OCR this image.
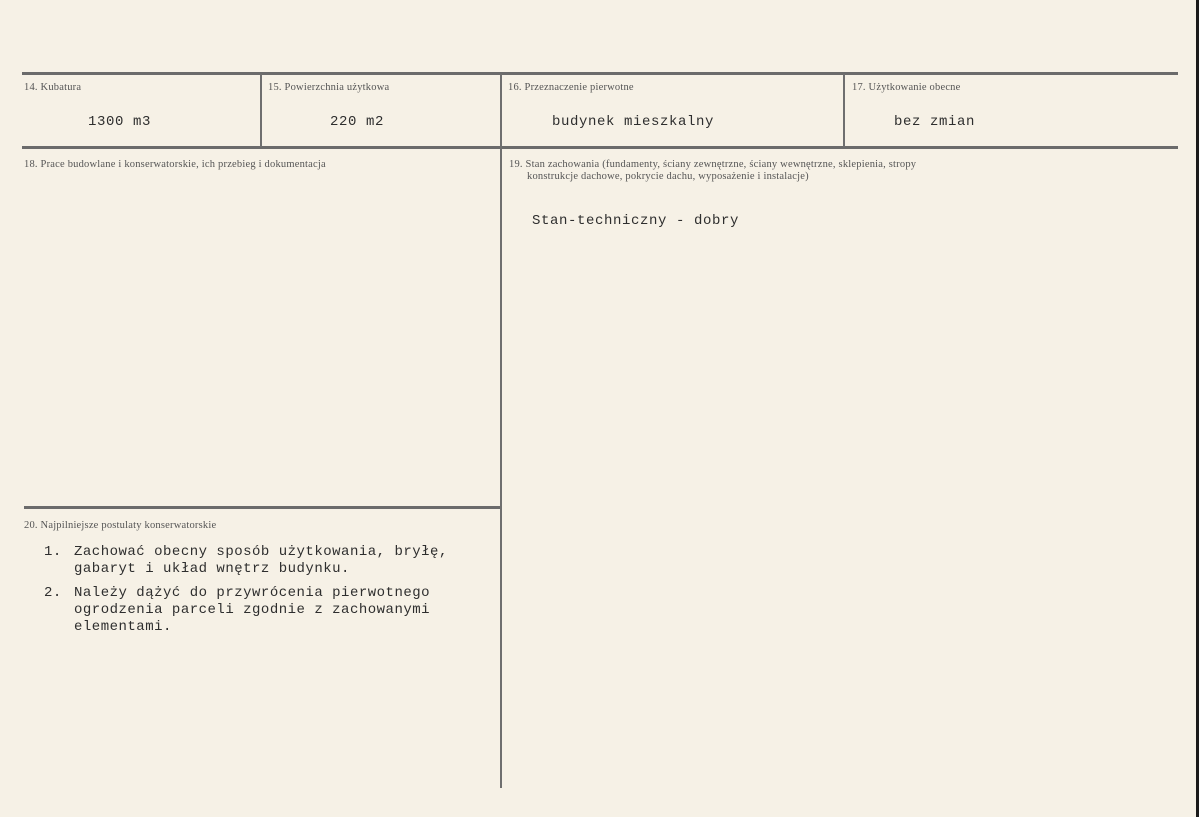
14. Kubatura
1300 m3
15. Powierzchnia użytkowa
220 m2
16. Przeznaczenie pierwotne
budynek mieszkalny
17. Użytkowanie obecne
bez zmian
18. Prace budowlane i konserwatorskie, ich przebieg i dokumentacja	19. Stan zachowania (fundamenty, ściany zewnętrzne, ściany wewnętrzne, sklepienia, stropy
konstrukcje dachowe, pokrycie dachu, wyposażenie i instalacje)
Stan-techniczny - dobry
20. Najpilniejsze postulaty konserwatorskie
1. Zachować obecny sposób użytkowania, bryłę, gabaryt i układ wnętrz budynku.
2. Należy dążyć do przywrócenia pierwotnego ogrodzenia parceli zgodnie z zachowanymi elementami.
